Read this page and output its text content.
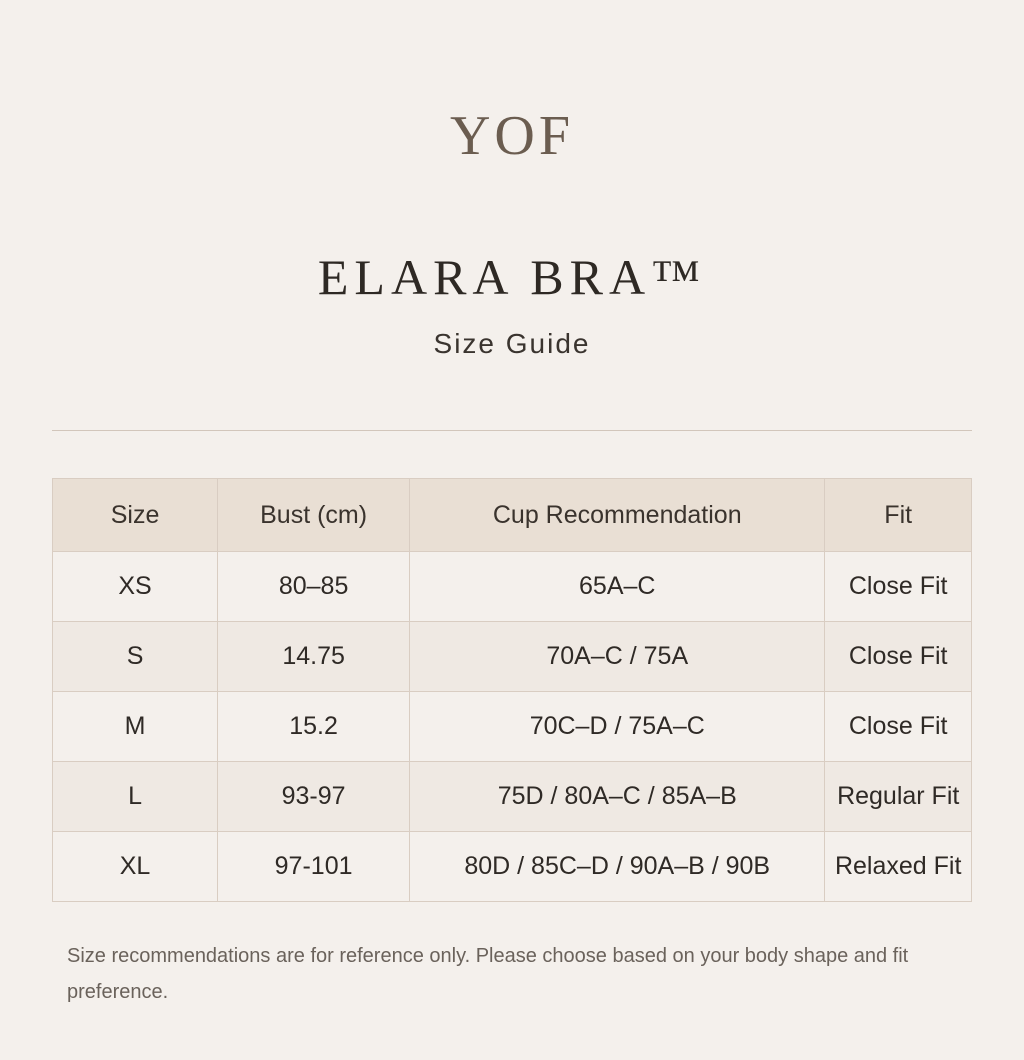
YOF
ELARA BRA™
Size Guide
Size	Bust (cm)	Cup Recommendation	Fit
XS	80–85	65A–C	Close Fit
S	14.75	70A–C / 75A	Close Fit
M	15.2	70C–D / 75A–C	Close Fit
L	93-97	75D / 80A–C / 85A–B	Regular Fit
XL	97-101	80D / 85C–D / 90A–B / 90B	Relaxed Fit
Size recommendations are for reference only. Please choose based on your body shape and fit preference.
